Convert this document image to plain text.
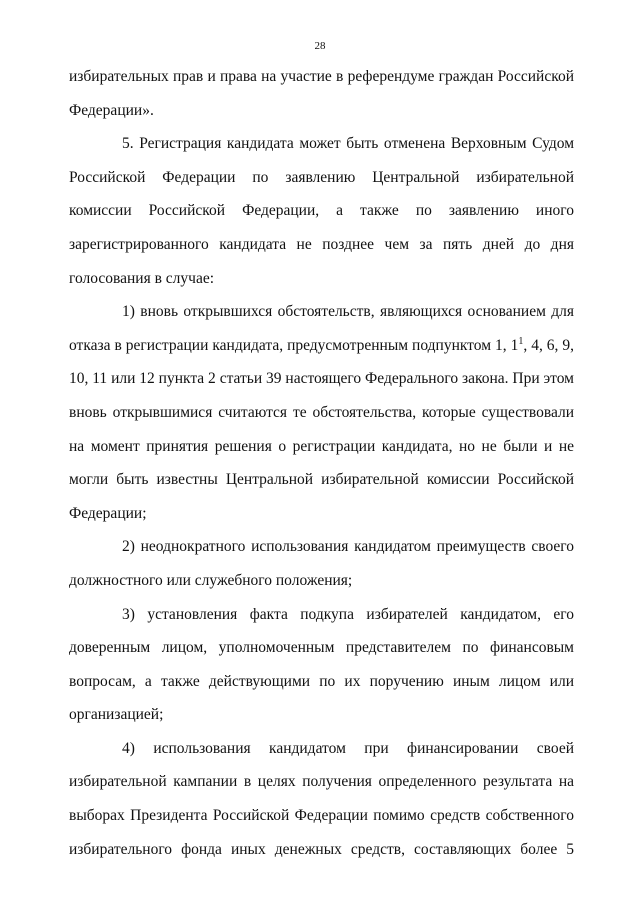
28

избирательных прав и права на участие в референдуме граждан Российской Федерации».

5. Регистрация кандидата может быть отменена Верховным Судом Российской Федерации по заявлению Центральной избирательной комиссии Российской Федерации, а также по заявлению иного зарегистрированного кандидата не позднее чем за пять дней до дня голосования в случае:

1) вновь открывшихся обстоятельств, являющихся основанием для отказа в регистрации кандидата, предусмотренным подпунктом 1, $1^1$, 4, 6, 9, 10, 11 или 12 пункта 2 статьи 39 настоящего Федерального закона. При этом вновь открывшимися считаются те обстоятельства, которые существовали на момент принятия решения о регистрации кандидата, но не были и не могли быть известны Центральной избирательной комиссии Российской Федерации;

2) неоднократного использования кандидатом преимуществ своего должностного или служебного положения;

3) установления факта подкупа избирателей кандидатом, его доверенным лицом, уполномоченным представителем по финансовым вопросам, а также действующими по их поручению иным лицом или организацией;

4) использования кандидатом при финансировании своей избирательной кампании в целях получения определенного результата на выборах Президента Российской Федерации помимо средств собственного избирательного фонда иных денежных средств, составляющих более 5
